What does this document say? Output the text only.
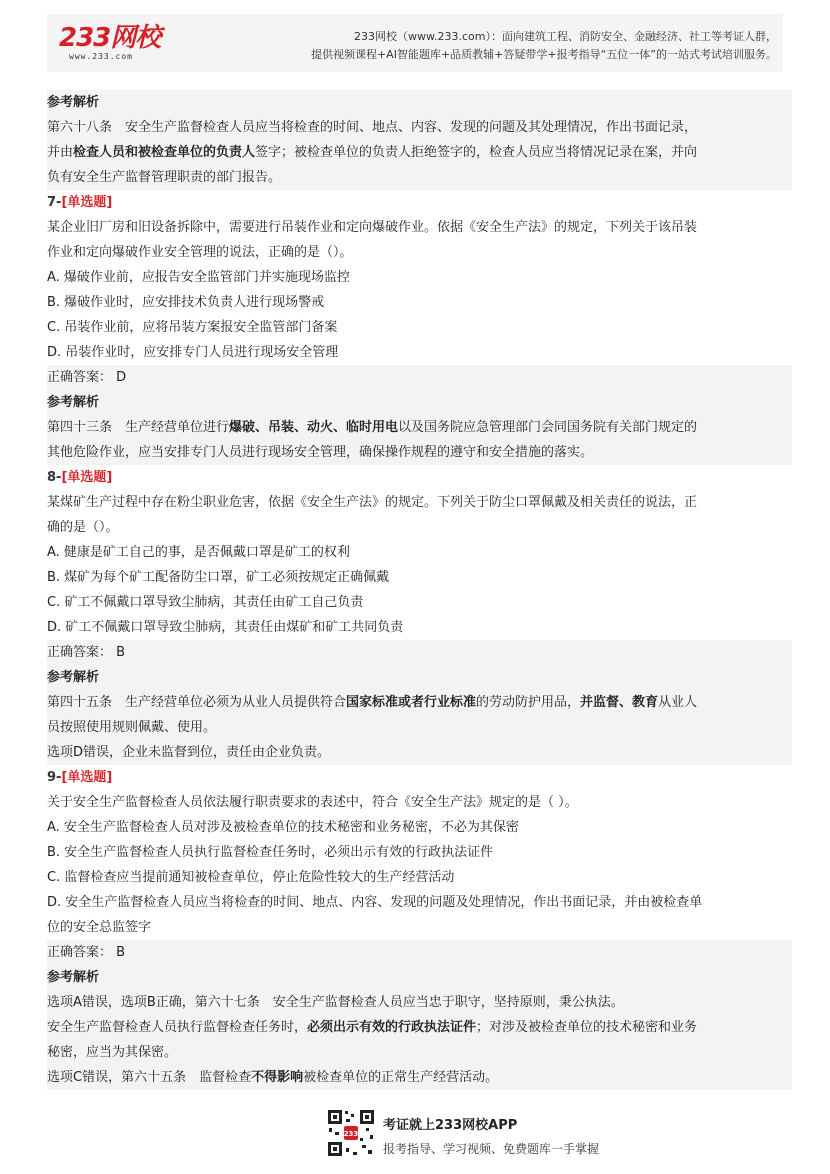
233网校
www.233.com
233网校（www.233.com）：面向建筑工程、消防安全、金融经济、社工等考证人群，
提供视频课程+AI智能题库+品质教辅+答疑带学+报考指导“五位一体”的一站式考试培训服务。
参考解析
第六十八条　安全生产监督检查人员应当将检查的时间、地点、内容、发现的问题及其处理情况，作出书面记录，
并由检查人员和被检查单位的负责人签字；被检查单位的负责人拒绝签字的，检查人员应当将情况记录在案，并向
负有安全生产监督管理职责的部门报告。
7-[单选题]
某企业旧厂房和旧设备拆除中，需要进行吊装作业和定向爆破作业。依据《安全生产法》的规定，下列关于该吊装
作业和定向爆破作业安全管理的说法，正确的是（）。
A. 爆破作业前，应报告安全监管部门并实施现场监控
B. 爆破作业时，应安排技术负责人进行现场警戒
C. 吊装作业前，应将吊装方案报安全监管部门备案
D. 吊装作业时，应安排专门人员进行现场安全管理
正确答案： D
参考解析
第四十三条　生产经营单位进行爆破、吊装、动火、临时用电以及国务院应急管理部门会同国务院有关部门规定的
其他危险作业，应当安排专门人员进行现场安全管理，确保操作规程的遵守和安全措施的落实。
8-[单选题]
某煤矿生产过程中存在粉尘职业危害，依据《安全生产法》的规定。下列关于防尘口罩佩戴及相关责任的说法，正
确的是（）。
A. 健康是矿工自己的事，是否佩戴口罩是矿工的权利
B. 煤矿为每个矿工配备防尘口罩，矿工必须按规定正确佩戴
C. 矿工不佩戴口罩导致尘肺病，其责任由矿工自己负责
D. 矿工不佩戴口罩导致尘肺病，其责任由煤矿和矿工共同负责
正确答案： B
参考解析
第四十五条　生产经营单位必须为从业人员提供符合国家标准或者行业标准的劳动防护用品，并监督、教育从业人
员按照使用规则佩戴、使用。
选项D错误，企业未监督到位，责任由企业负责。
9-[单选题]
关于安全生产监督检查人员依法履行职责要求的表述中，符合《安全生产法》规定的是（ ）。
A. 安全生产监督检查人员对涉及被检查单位的技术秘密和业务秘密，不必为其保密
B. 安全生产监督检查人员执行监督检查任务时，必须出示有效的行政执法证件
C. 监督检查应当提前通知被检查单位，停止危险性较大的生产经营活动
D. 安全生产监督检查人员应当将检查的时间、地点、内容、发现的问题及处理情况，作出书面记录，并由被检查单
位的安全总监签字
正确答案： B
参考解析
选项A错误，选项B正确，第六十七条　安全生产监督检查人员应当忠于职守，坚持原则，秉公执法。
安全生产监督检查人员执行监督检查任务时，必须出示有效的行政执法证件；对涉及被检查单位的技术秘密和业务
秘密，应当为其保密。
选项C错误，第六十五条　监督检查不得影响被检查单位的正常生产经营活动。
233
考证就上233网校APP
报考指导、学习视频、免费题库一手掌握
